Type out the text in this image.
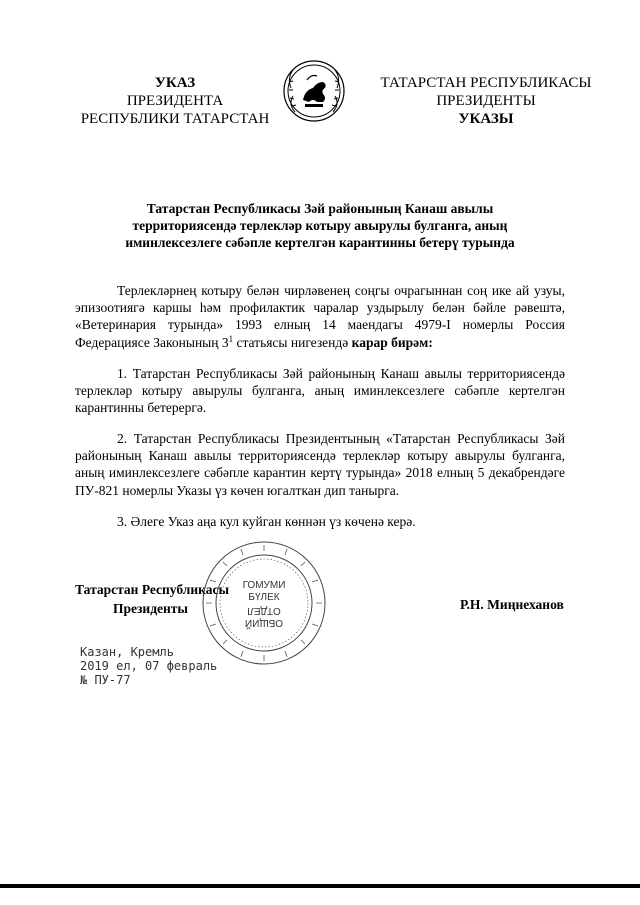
УКАЗ
ПРЕЗИДЕНТА
РЕСПУБЛИКИ ТАТАРСТАН
ТАТАРСТАН РЕСПУБЛИКАСЫ
ПРЕЗИДЕНТЫ
УКАЗЫ
Татарстан Республикасы Зәй районының Канаш авылы
территориясендә терлекләр котыру авырулы булганга, аның
иминлексезлеге сәбәпле кертелгән карантинны бетерү турында
Терлекләрнең котыру белән чирләвенең соңгы очрагыннан соң ике ай узуы, эпизоотиягә каршы һәм профилактик чаралар уздырылу белән бәйле рәвештә, «Ветеринария турында» 1993 елның 14 маендагы 4979-I номерлы Россия Федерациясе Законының $3^1$ статьясы нигезендә карар бирәм:
1. Татарстан Республикасы Зәй районының Канаш авылы территориясендә терлекләр котыру авырулы булганга, аның иминлексезлеге сәбәпле кертелгән карантинны бетерергә.
2. Татарстан Республикасы Президентының «Татарстан Республикасы Зәй районының Канаш авылы территориясендә терлекләр котыру авырулы булганга, аның иминлексезлеге сәбәпле карантин кертү турында» 2018 елның 5 декабрендәге ПУ-821 номерлы Указы үз көчен югалткан дип танырга.
3. Әлеге Указ аңа кул куйган көннән үз көченә керә.
Татарстан Республикасы
Президенты
ГОМУМИ
БҮЛЕК
ОТДЕЛ
ОБЩИЙ
Р.Н. Миңнеханов
Казан, Кремль
2019 ел, 07 февраль
№ ПУ-77
